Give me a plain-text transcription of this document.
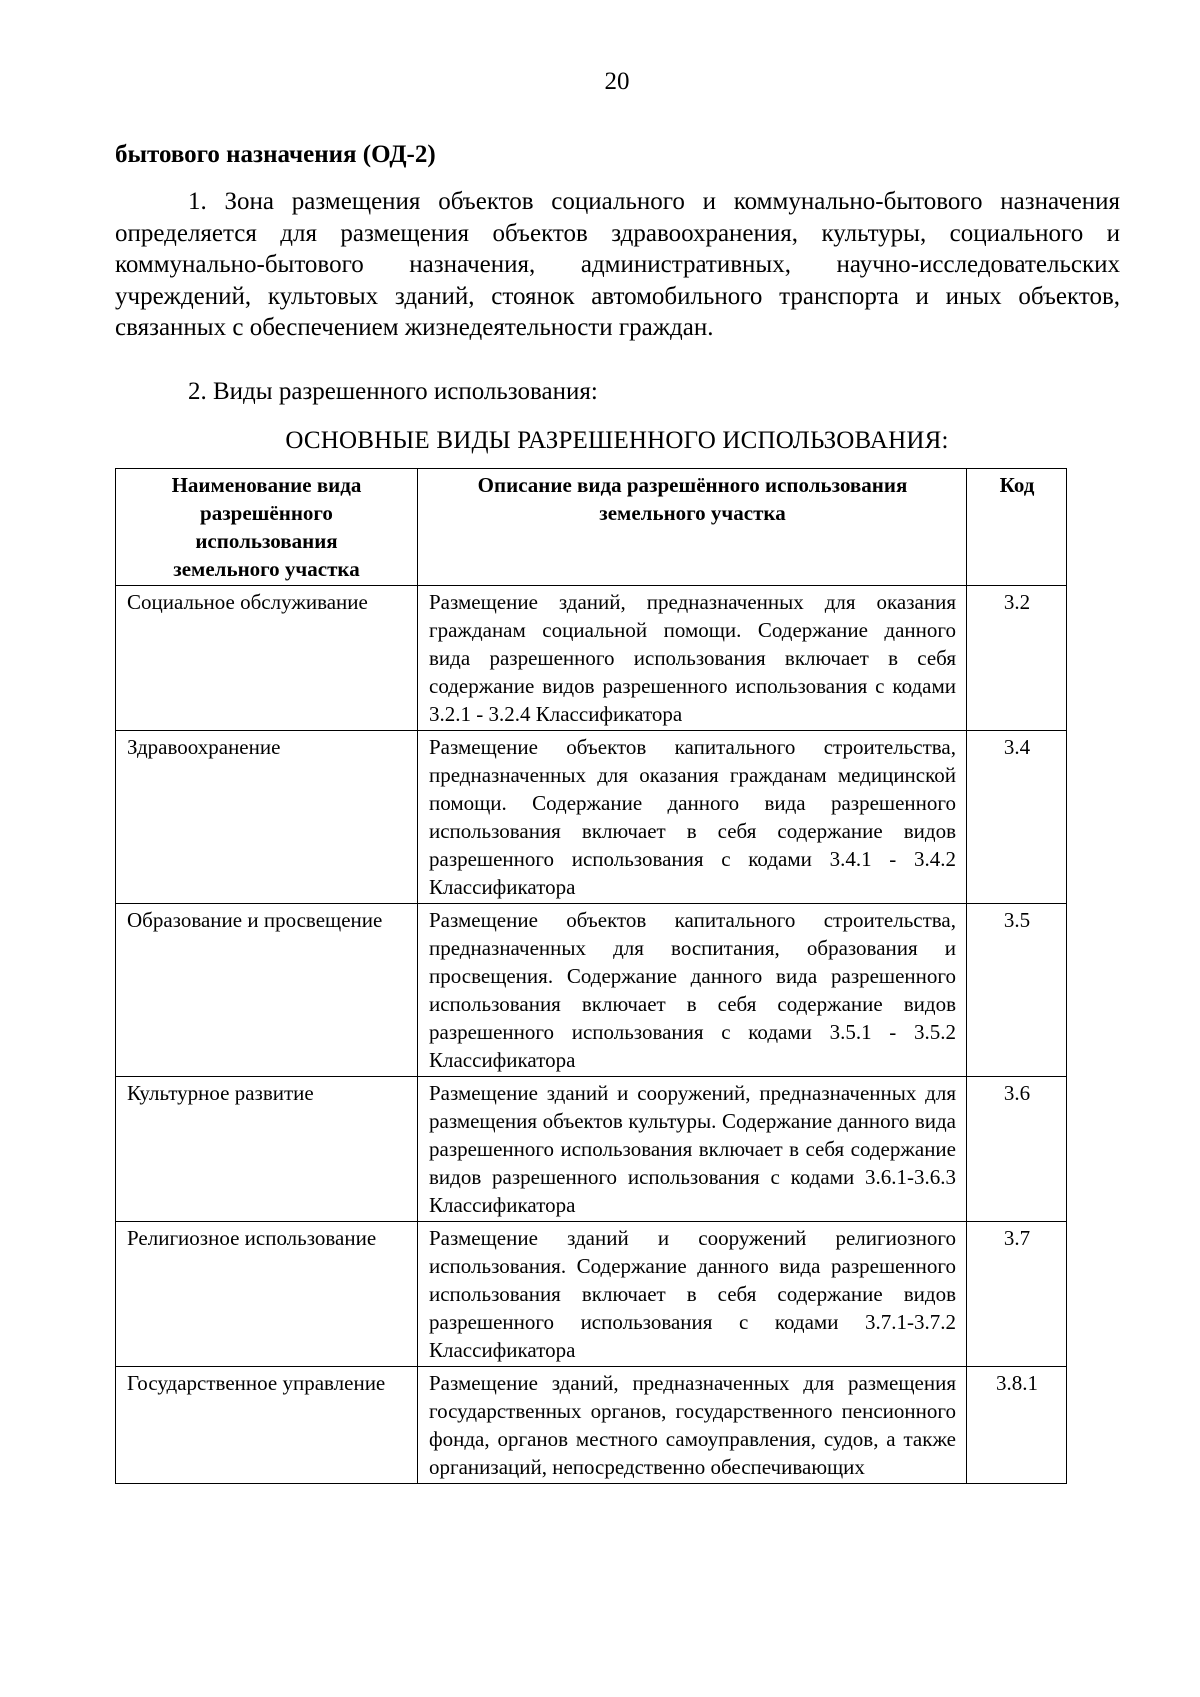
20
бытового назначения (ОД-2)
1. Зона размещения объектов социального и коммунально-бытового назначения определяется для размещения объектов здравоохранения, культуры, социального и коммунально-бытового назначения, административных, научно-исследовательских учреждений, культовых зданий, стоянок автомобильного транспорта и иных объектов, связанных с обеспечением жизнедеятельности граждан.
2. Виды разрешенного использования:
ОСНОВНЫЕ ВИДЫ РАЗРЕШЕННОГО ИСПОЛЬЗОВАНИЯ:
Наименование вида разрешённого использования земельного участка	Описание вида разрешённого использования земельного участка	Код
Социальное обслуживание	Размещение зданий, предназначенных для оказания гражданам социальной помощи. Содержание данного вида разрешенного использования включает в себя содержание видов разрешенного использования с кодами 3.2.1 - 3.2.4 Классификатора	3.2
Здравоохранение	Размещение объектов капитального строительства, предназначенных для оказания гражданам медицинской помощи. Содержание данного вида разрешенного использования включает в себя содержание видов разрешенного использования с кодами 3.4.1 - 3.4.2 Классификатора	3.4
Образование и просвещение	Размещение объектов капитального строительства, предназначенных для воспитания, образования и просвещения. Содержание данного вида разрешенного использования включает в себя содержание видов разрешенного использования с кодами 3.5.1 - 3.5.2 Классификатора	3.5
Культурное развитие	Размещение зданий и сооружений, предназначенных для размещения объектов культуры. Содержание данного вида разрешенного использования включает в себя содержание видов разрешенного использования с кодами 3.6.1-3.6.3 Классификатора	3.6
Религиозное использование	Размещение зданий и сооружений религиозного использования. Содержание данного вида разрешенного использования включает в себя содержание видов разрешенного использования с кодами 3.7.1-3.7.2 Классификатора	3.7
Государственное управление	Размещение зданий, предназначенных для размещения государственных органов, государственного пенсионного фонда, органов местного самоуправления, судов, а также организаций, непосредственно обеспечивающих	3.8.1
